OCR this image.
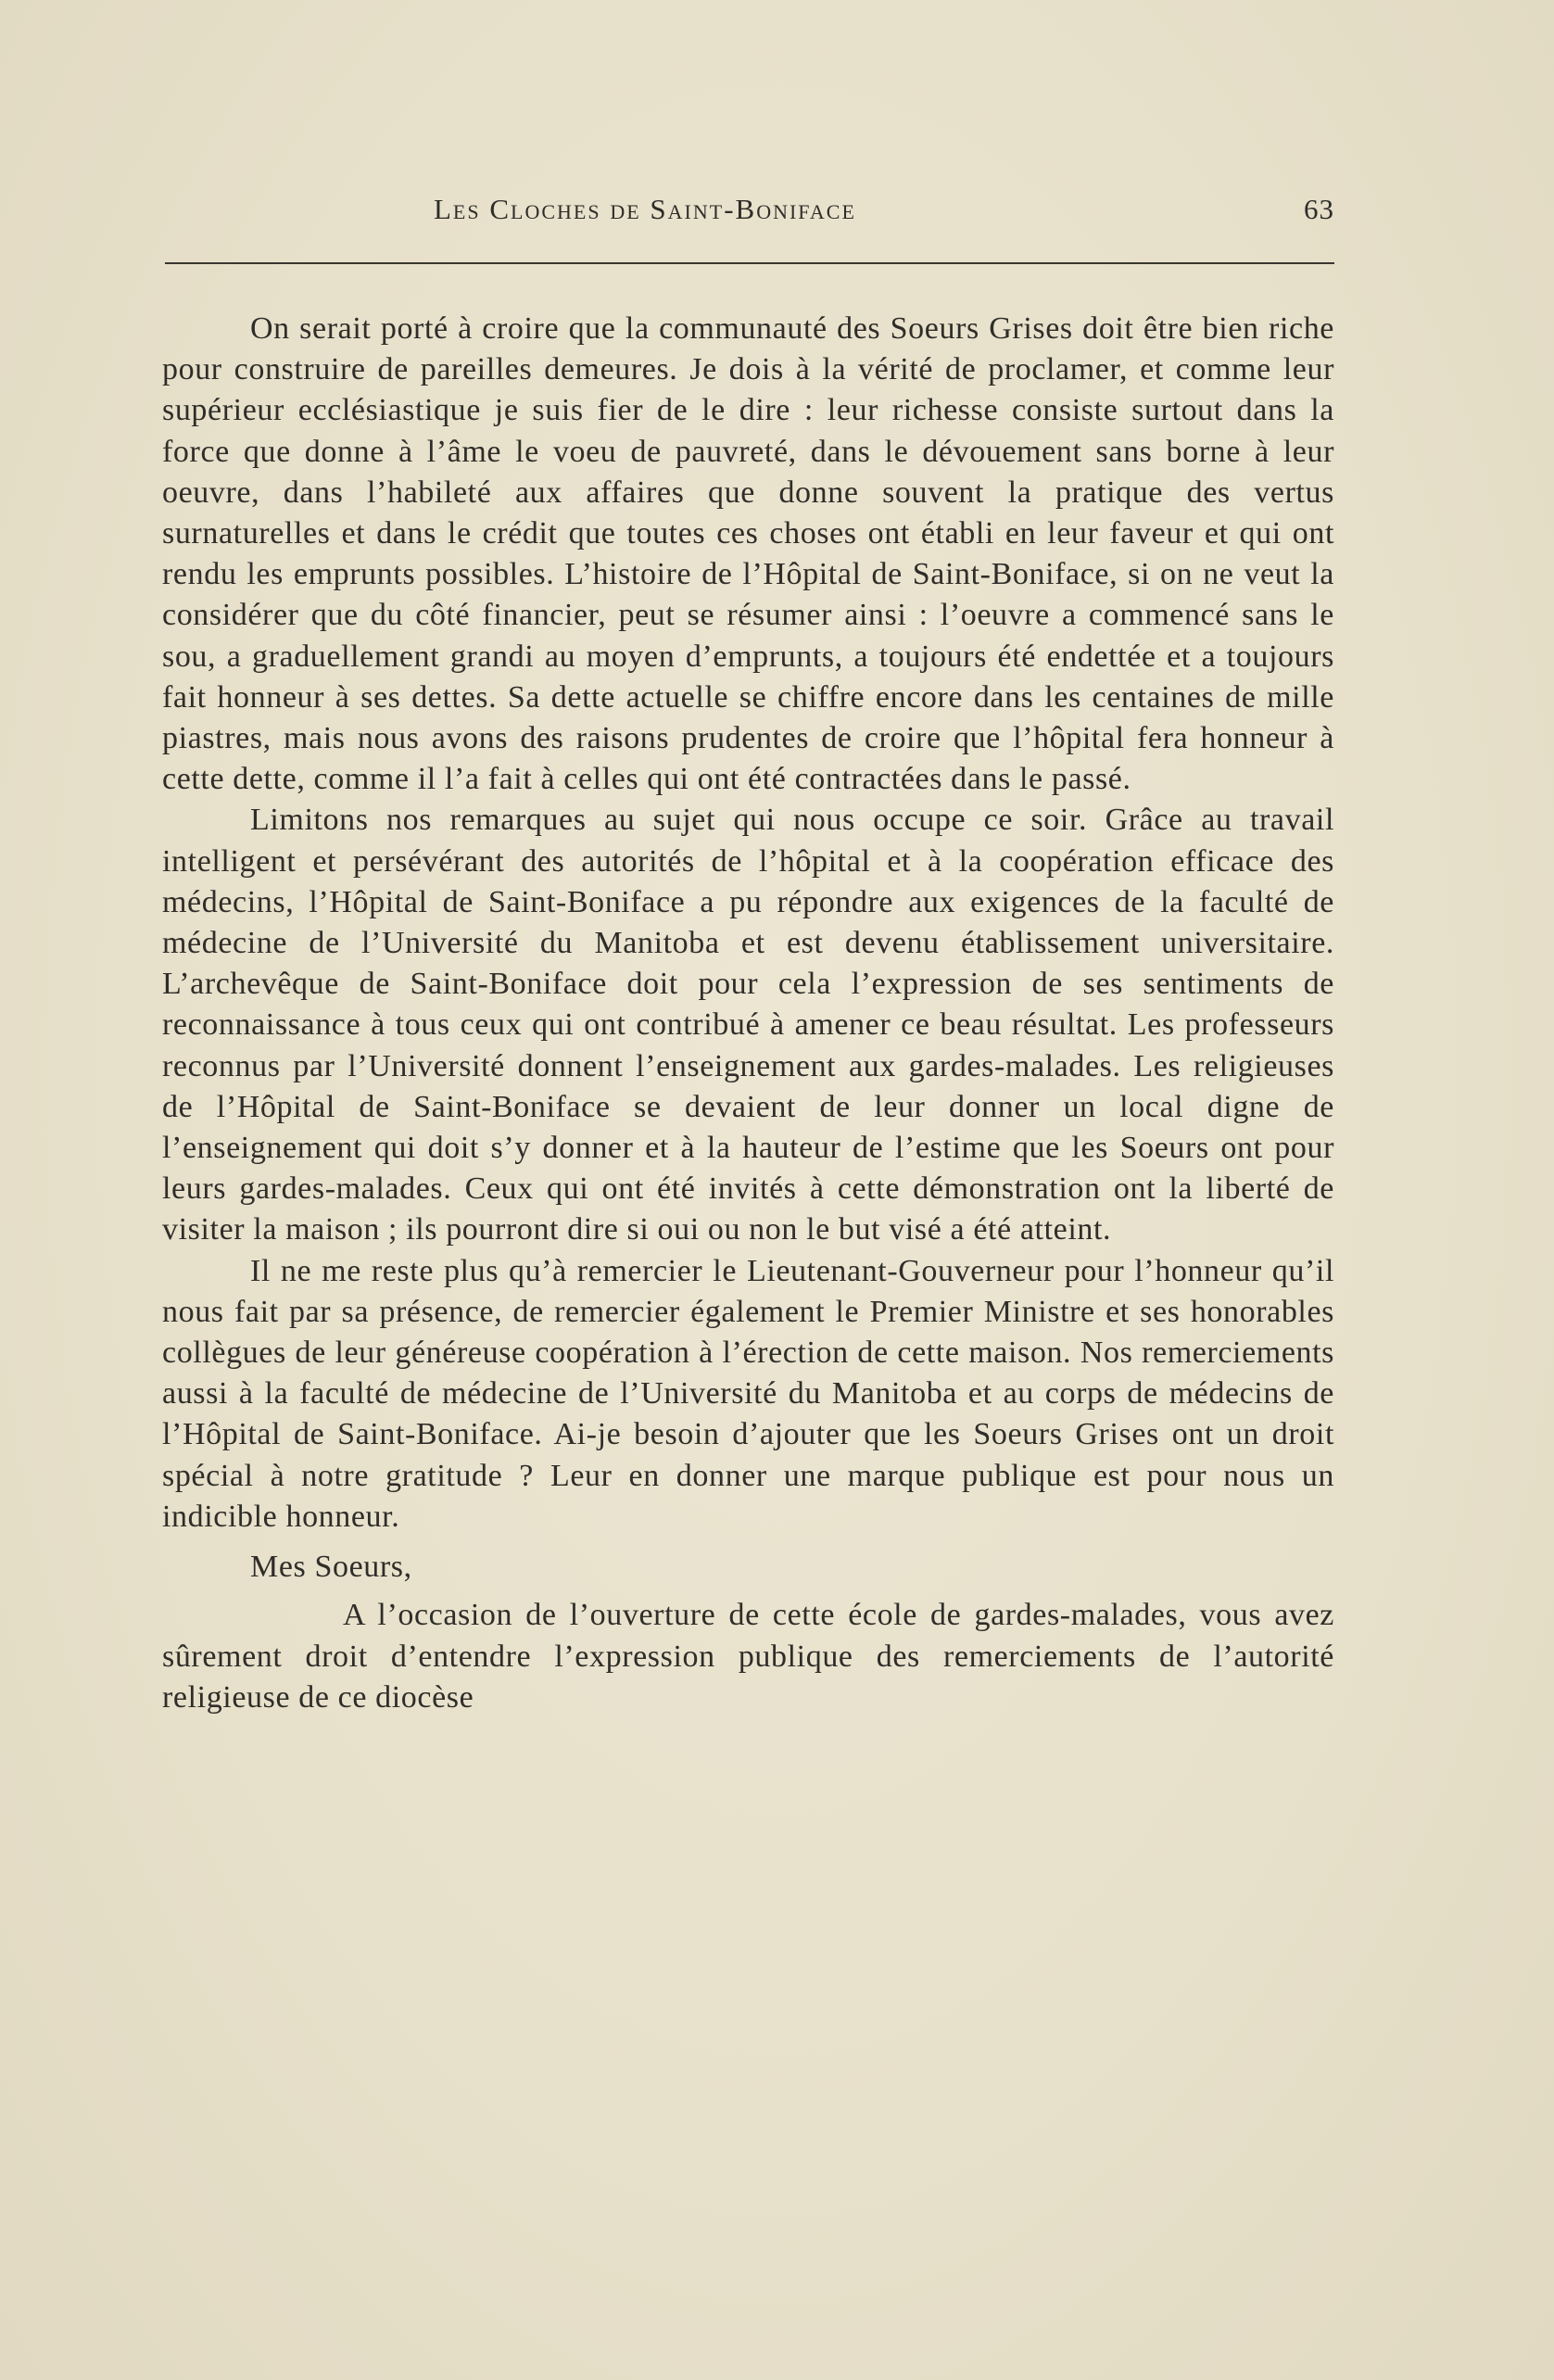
Les Cloches de Saint-Boniface	63

On serait porté à croire que la communauté des Soeurs Grises doit être bien riche pour construire de pareilles demeures. Je dois à la vérité de proclamer, et comme leur supérieur ecclésiastique je suis fier de le dire : leur richesse consiste surtout dans la force que donne à l’âme le voeu de pauvreté, dans le dévouement sans borne à leur oeuvre, dans l’habileté aux affaires que donne souvent la pratique des vertus surnaturelles et dans le crédit que toutes ces choses ont établi en leur faveur et qui ont rendu les emprunts possibles. L’histoire de l’Hôpital de Saint-Boniface, si on ne veut la considérer que du côté financier, peut se résumer ainsi : l’oeuvre a commencé sans le sou, a graduellement grandi au moyen d’emprunts, a toujours été endettée et a toujours fait honneur à ses dettes. Sa dette actuelle se chiffre encore dans les centaines de mille piastres, mais nous avons des raisons prudentes de croire que l’hôpital fera honneur à cette dette, comme il l’a fait à celles qui ont été contractées dans le passé.

Limitons nos remarques au sujet qui nous occupe ce soir. Grâce au travail intelligent et persévérant des autorités de l’hôpital et à la coopération efficace des médecins, l’Hôpital de Saint-Boniface a pu répondre aux exigences de la faculté de médecine de l’Université du Manitoba et est devenu établissement universitaire. L’archevêque de Saint-Boniface doit pour cela l’expression de ses sentiments de reconnaissance à tous ceux qui ont contribué à amener ce beau résultat. Les professeurs reconnus par l’Université donnent l’enseignement aux gardes-malades. Les religieuses de l’Hôpital de Saint-Boniface se devaient de leur donner un local digne de l’enseignement qui doit s’y donner et à la hauteur de l’estime que les Soeurs ont pour leurs gardes-malades. Ceux qui ont été invités à cette démonstration ont la liberté de visiter la maison ; ils pourront dire si oui ou non le but visé a été atteint.

Il ne me reste plus qu’à remercier le Lieutenant-Gouverneur pour l’honneur qu’il nous fait par sa présence, de remercier également le Premier Ministre et ses honorables collègues de leur généreuse coopération à l’érection de cette maison. Nos remerciements aussi à la faculté de médecine de l’Université du Manitoba et au corps de médecins de l’Hôpital de Saint-Boniface. Ai-je besoin d’ajouter que les Soeurs Grises ont un droit spécial à notre gratitude ? Leur en donner une marque publique est pour nous un indicible honneur.

Mes Soeurs,

A l’occasion de l’ouverture de cette école de gardes-malades, vous avez sûrement droit d’entendre l’expression publique des remerciements de l’autorité religieuse de ce diocèse
